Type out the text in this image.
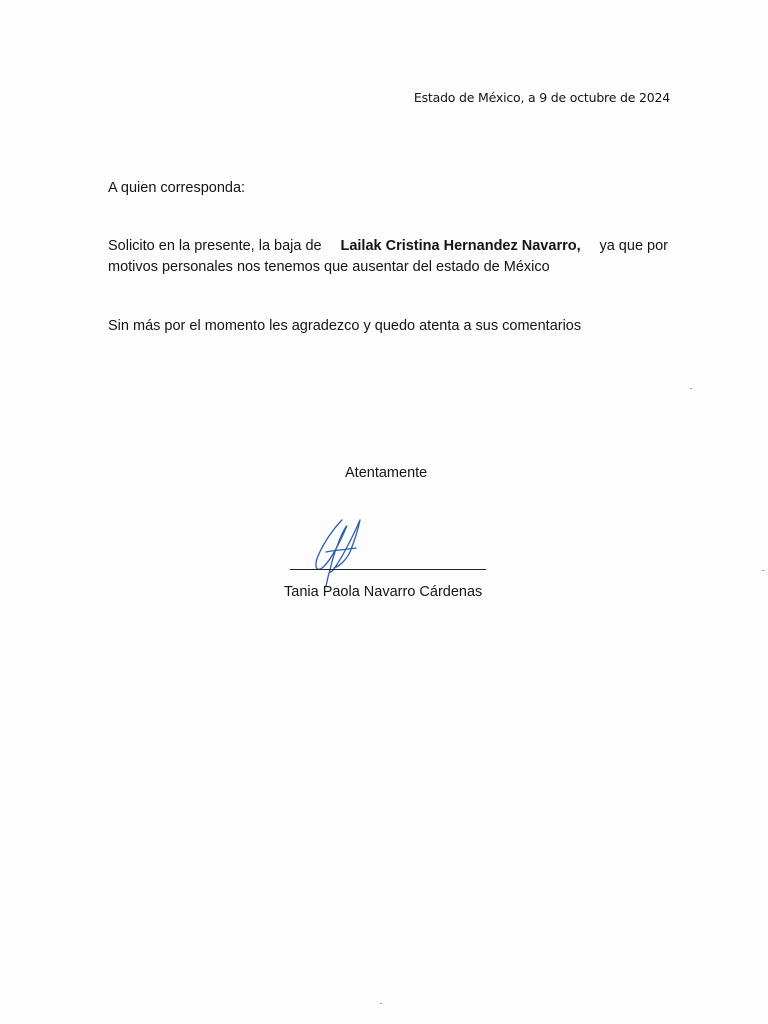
Estado de México, a 9 de octubre de 2024
A quien corresponda:
Solicito en la presente, la baja de Lailak Cristina Hernandez Navarro, ya que por
motivos personales nos tenemos que ausentar del estado de México
Sin más por el momento les agradezco y quedo atenta a sus comentarios
Atentamente
Tania Paola Navarro Cárdenas
